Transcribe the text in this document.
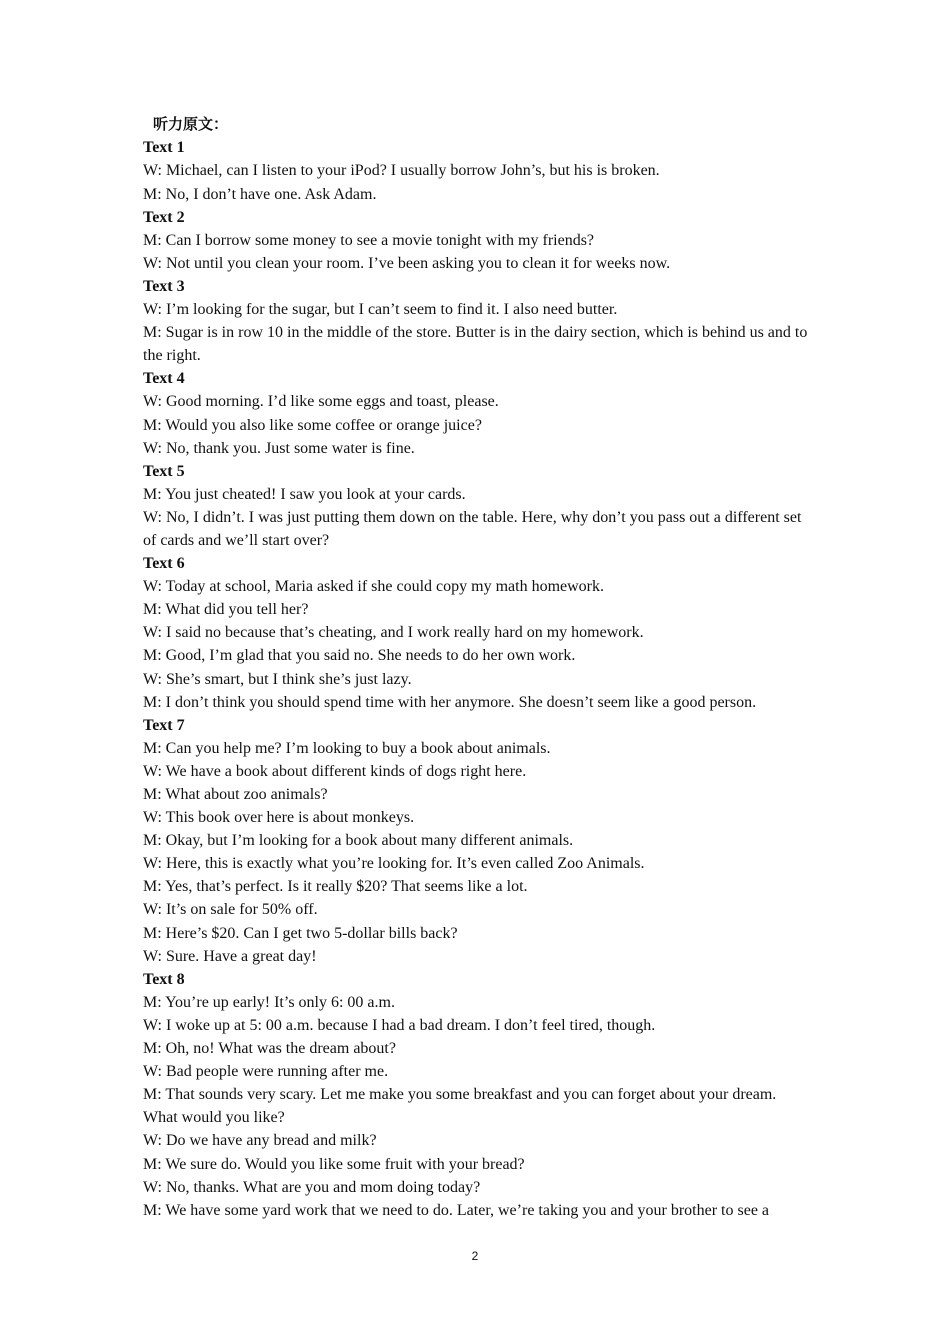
听力原文：
Text 1
W: Michael, can I listen to your iPod? I usually borrow John’s, but his is broken.
M: No, I don’t have one. Ask Adam.
Text 2
M: Can I borrow some money to see a movie tonight with my friends?
W: Not until you clean your room. I’ve been asking you to clean it for weeks now.
Text 3
W: I’m looking for the sugar, but I can’t seem to find it. I also need butter.
M: Sugar is in row 10 in the middle of the store. Butter is in the dairy section, which is behind us and to the right.
Text 4
W: Good morning. I’d like some eggs and toast, please.
M: Would you also like some coffee or orange juice?
W: No, thank you. Just some water is fine.
Text 5
M: You just cheated! I saw you look at your cards.
W: No, I didn’t. I was just putting them down on the table. Here, why don’t you pass out a different set of cards and we’ll start over?
Text 6
W: Today at school, Maria asked if she could copy my math homework.
M: What did you tell her?
W: I said no because that’s cheating, and I work really hard on my homework.
M: Good, I’m glad that you said no. She needs to do her own work.
W: She’s smart, but I think she’s just lazy.
M: I don’t think you should spend time with her anymore. She doesn’t seem like a good person.
Text 7
M: Can you help me? I’m looking to buy a book about animals.
W: We have a book about different kinds of dogs right here.
M: What about zoo animals?
W: This book over here is about monkeys.
M: Okay, but I’m looking for a book about many different animals.
W: Here, this is exactly what you’re looking for. It’s even called Zoo Animals.
M: Yes, that’s perfect. Is it really $20? That seems like a lot.
W: It’s on sale for 50% off.
M: Here’s $20. Can I get two 5-dollar bills back?
W: Sure. Have a great day!
Text 8
M: You’re up early! It’s only 6: 00 a.m.
W: I woke up at 5: 00 a.m. because I had a bad dream. I don’t feel tired, though.
M: Oh, no! What was the dream about?
W: Bad people were running after me.
M: That sounds very scary. Let me make you some breakfast and you can forget about your dream. What would you like?
W: Do we have any bread and milk?
M: We sure do. Would you like some fruit with your bread?
W: No, thanks. What are you and mom doing today?
M: We have some yard work that we need to do. Later, we’re taking you and your brother to see a
2
